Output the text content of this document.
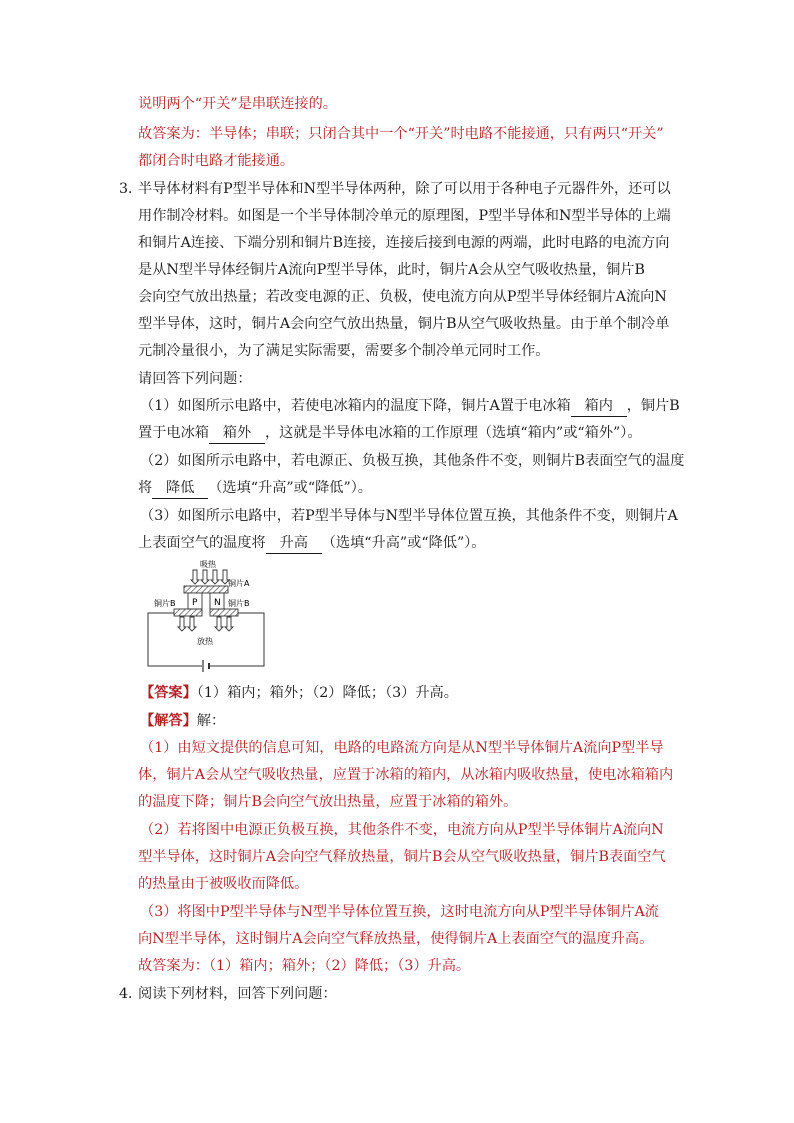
说明两个“开关”是串联连接的。
故答案为：半导体；串联；只闭合其中一个“开关”时电路不能接通，只有两只“开关”
都闭合时电路才能接通。
3．
半导体材料有P型半导体和N型半导体两种，除了可以用于各种电子元器件外，还可以
用作制冷材料。如图是一个半导体制冷单元的原理图，P型半导体和N型半导体的上端
和铜片A连接、下端分别和铜片B连接，连接后接到电源的两端，此时电路的电流方向
是从N型半导体经铜片A流向P型半导体，此时，铜片A会从空气吸收热量，铜片B
会向空气放出热量；若改变电源的正、负极，使电流方向从P型半导体经铜片A流向N
型半导体，这时，铜片A会向空气放出热量，铜片B从空气吸收热量。由于单个制冷单
元制冷量很小，为了满足实际需要，需要多个制冷单元同时工作。
请回答下列问题：
（1）如图所示电路中，若使电冰箱内的温度下降，铜片A置于电冰箱 箱内 ，铜片B
置于电冰箱 箱外 ，这就是半导体电冰箱的工作原理（选填“箱内”或“箱外”）。
（2）如图所示电路中，若电源正、负极互换，其他条件不变，则铜片B表面空气的温度
将 降低 （选填“升高”或“降低”）。
（3）如图所示电路中，若P型半导体与N型半导体位置互换，其他条件不变，则铜片A
上表面空气的温度将 升高 （选填“升高”或“降低”）。
吸热
铜片A
P N
铜片B	铜片B
放热
【答案】（1）箱内；箱外；（2）降低；（3）升高。
【解答】解：
（1）由短文提供的信息可知，电路的电路流方向是从N型半导体铜片A流向P型半导
体，铜片A会从空气吸收热量，应置于冰箱的箱内，从冰箱内吸收热量，使电冰箱箱内
的温度下降；铜片B会向空气放出热量，应置于冰箱的箱外。
（2）若将图中电源正负极互换，其他条件不变，电流方向从P型半导体铜片A流向N
型半导体，这时铜片A会向空气释放热量，铜片B会从空气吸收热量，铜片B表面空气
的热量由于被吸收而降低。
（3）将图中P型半导体与N型半导体位置互换，这时电流方向从P型半导体铜片A流
向N型半导体，这时铜片A会向空气释放热量，使得铜片A上表面空气的温度升高。
故答案为：（1）箱内；箱外；（2）降低；（3）升高。
4．
阅读下列材料，回答下列问题：
